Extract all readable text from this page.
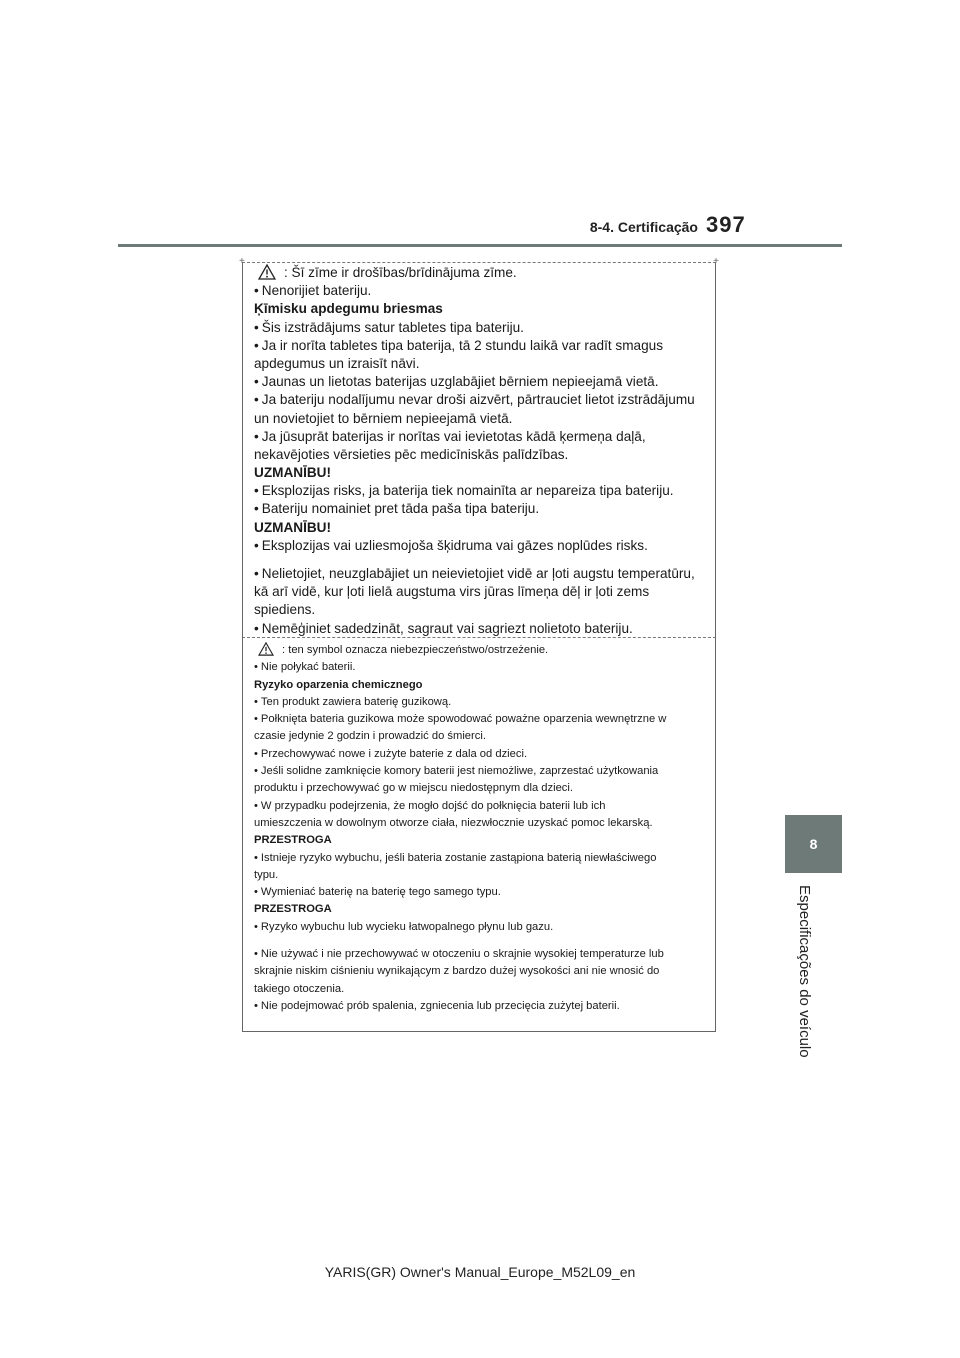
8-4. Certificação 397
8
Especificações do veículo
+	+
: Šī zīme ir drošības/brīdinājuma zīme.
• Nenorijiet bateriju.
Ķīmisku apdegumu briesmas
• Šis izstrādājums satur tabletes tipa bateriju.
• Ja ir norīta tabletes tipa baterija, tā 2 stundu laikā var radīt smagus
apdegumus un izraisīt nāvi.
• Jaunas un lietotas baterijas uzglabājiet bērniem nepieejamā vietā.
• Ja bateriju nodalījumu nevar droši aizvērt, pārtrauciet lietot izstrādājumu
un novietojiet to bērniem nepieejamā vietā.
• Ja jūsuprāt baterijas ir norītas vai ievietotas kādā ķermeņa daļā,
nekavējoties vērsieties pēc medicīniskās palīdzības.
UZMANĪBU!
• Eksplozijas risks, ja baterija tiek nomainīta ar nepareiza tipa bateriju.
• Bateriju nomainiet pret tāda paša tipa bateriju.
UZMANĪBU!
• Eksplozijas vai uzliesmojoša šķidruma vai gāzes noplūdes risks.
• Nelietojiet, neuzglabājiet un neievietojiet vidē ar ļoti augstu temperatūru,
kā arī vidē, kur ļoti lielā augstuma virs jūras līmeņa dēļ ir ļoti zems
spiediens.
• Nemēģiniet sadedzināt, sagraut vai sagriezt nolietoto bateriju.
: ten symbol oznacza niebezpieczeństwo/ostrzeżenie.
• Nie połykać baterii.
Ryzyko oparzenia chemicznego
• Ten produkt zawiera baterię guzikową.
• Połknięta bateria guzikowa może spowodować poważne oparzenia wewnętrzne w
czasie jedynie 2 godzin i prowadzić do śmierci.
• Przechowywać nowe i zużyte baterie z dala od dzieci.
• Jeśli solidne zamknięcie komory baterii jest niemożliwe, zaprzestać użytkowania
produktu i przechowywać go w miejscu niedostępnym dla dzieci.
• W przypadku podejrzenia, że mogło dojść do połknięcia baterii lub ich
umieszczenia w dowolnym otworze ciała, niezwłocznie uzyskać pomoc lekarską.
PRZESTROGA
• Istnieje ryzyko wybuchu, jeśli bateria zostanie zastąpiona baterią niewłaściwego
typu.
• Wymieniać baterię na baterię tego samego typu.
PRZESTROGA
• Ryzyko wybuchu lub wycieku łatwopalnego płynu lub gazu.
• Nie używać i nie przechowywać w otoczeniu o skrajnie wysokiej temperaturze lub
skrajnie niskim ciśnieniu wynikającym z bardzo dużej wysokości ani nie wnosić do
takiego otoczenia.
• Nie podejmować prób spalenia, zgniecenia lub przecięcia zużytej baterii.
YARIS(GR) Owner's Manual_Europe_M52L09_en
